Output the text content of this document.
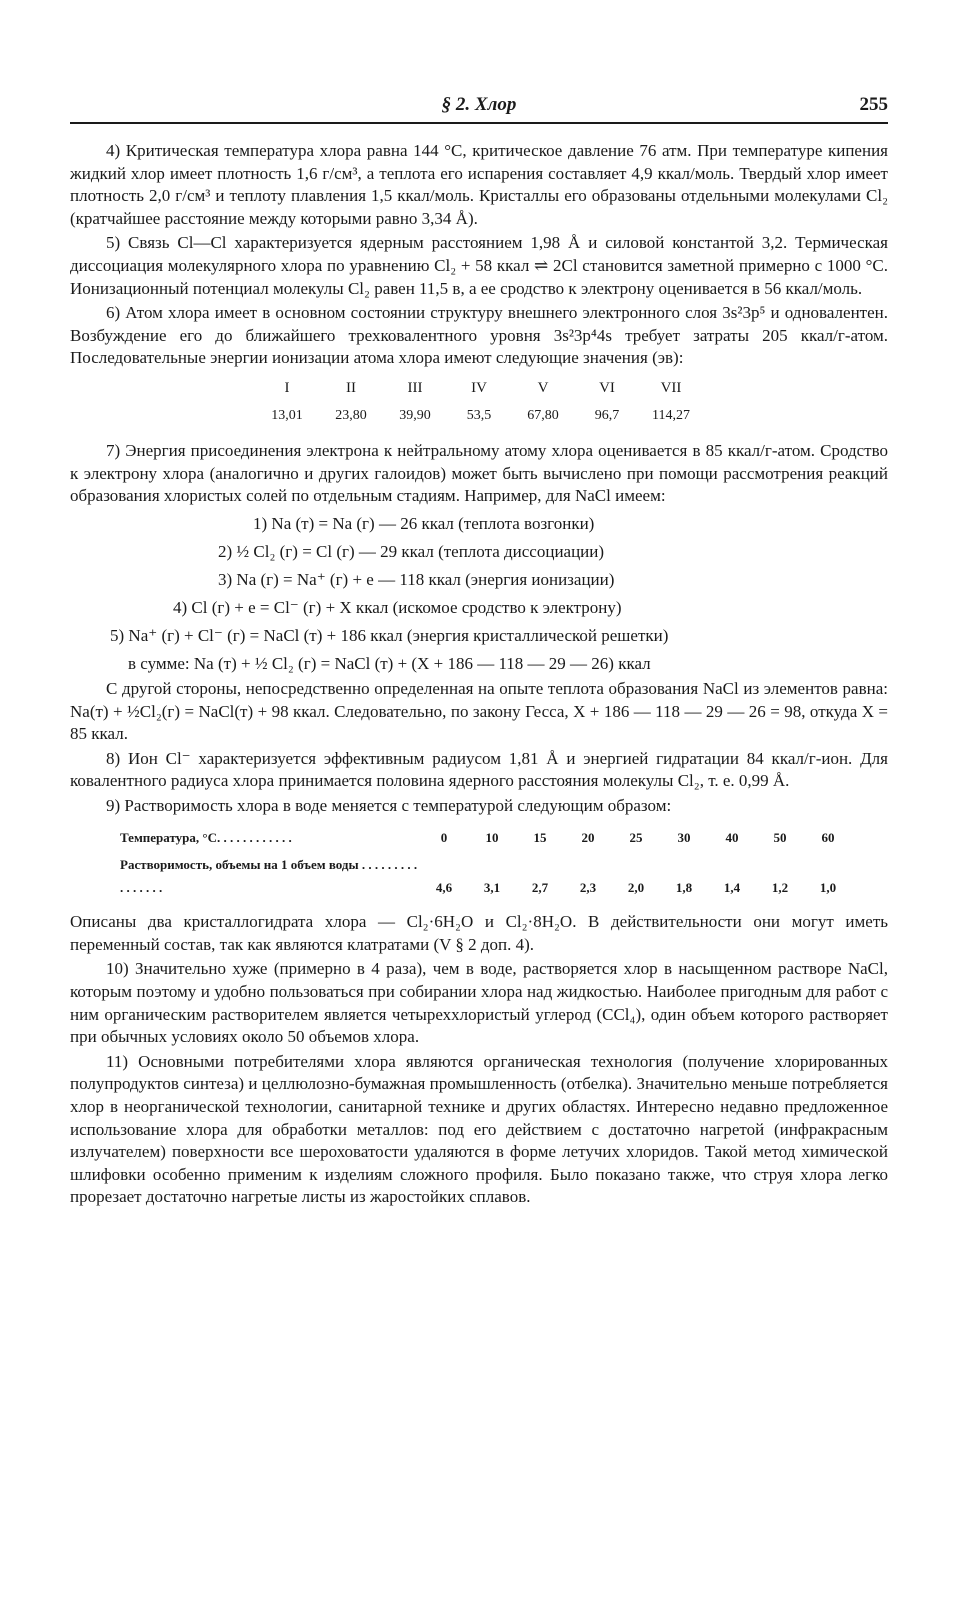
§ 2. Хлор	255

4) Критическая температура хлора равна 144 °С, критическое давление 76 атм. При температуре кипения жидкий хлор имеет плотность 1,6 г/см³, а теплота его испарения составляет 4,9 ккал/моль. Твердый хлор имеет плотность 2,0 г/см³ и теплоту плавления 1,5 ккал/моль. Кристаллы его образованы отдельными молекулами Cl₂ (кратчайшее расстояние между которыми равно 3,34 Å).

5) Связь Cl—Cl характеризуется ядерным расстоянием 1,98 Å и силовой константой 3,2. Термическая диссоциация молекулярного хлора по уравнению Cl₂ + 58 ккал ⇌ 2Cl становится заметной примерно с 1000 °С. Ионизационный потенциал молекулы Cl₂ равен 11,5 в, а ее сродство к электрону оценивается в 56 ккал/моль.

6) Атом хлора имеет в основном состоянии структуру внешнего электронного слоя 3s²3p⁵ и одновалентен. Возбуждение его до ближайшего трехковалентного уровня 3s²3p⁴4s требует затраты 205 ккал/г-атом. Последовательные энергии ионизации атома хлора имеют следующие значения (эв):

I	II	III	IV	V	VI	VII
13,01	23,80	39,90	53,5	67,80	96,7	114,27

7) Энергия присоединения электрона к нейтральному атому хлора оценивается в 85 ккал/г-атом. Сродство к электрону хлора (аналогично и других галоидов) может быть вычислено при помощи рассмотрения реакций образования хлористых солей по отдельным стадиям. Например, для NaCl имеем:

1) Na (т) = Na (г) — 26 ккал (теплота возгонки)
2) ½ Cl₂ (г) = Cl (г) — 29 ккал (теплота диссоциации)
3) Na (г) = Na⁺ (г) + e — 118 ккал (энергия ионизации)
4) Cl (г) + e = Cl⁻ (г) + X ккал (искомое сродство к электрону)
5) Na⁺ (г) + Cl⁻ (г) = NaCl (т) + 186 ккал (энергия кристаллической решетки)
в сумме: Na (т) + ½ Cl₂ (г) = NaCl (т) + (X + 186 — 118 — 29 — 26) ккал

С другой стороны, непосредственно определенная на опыте теплота образования NaCl из элементов равна: Na(т) + ½Cl₂(г) = NaCl(т) + 98 ккал. Следовательно, по закону Гесса, X + 186 — 118 — 29 — 26 = 98, откуда X = 85 ккал.

8) Ион Cl⁻ характеризуется эффективным радиусом 1,81 Å и энергией гидратации 84 ккал/г-ион. Для ковалентного радиуса хлора принимается половина ядерного расстояния молекулы Cl₂, т. е. 0,99 Å.

9) Растворимость хлора в воде меняется с температурой следующим образом:

Температура, °С. . . . . . . . . . . .	0	10	15	20	25	30	40	50	60
Растворимость, объемы на 1 объем воды . . . . . . . . . . . . . . . .	4,6	3,1	2,7	2,3	2,0	1,8	1,4	1,2	1,0

Описаны два кристаллогидрата хлора — Cl₂·6H₂O и Cl₂·8H₂O. В действительности они могут иметь переменный состав, так как являются клатратами (V § 2 доп. 4).

10) Значительно хуже (примерно в 4 раза), чем в воде, растворяется хлор в насыщенном растворе NaCl, которым поэтому и удобно пользоваться при собирании хлора над жидкостью. Наиболее пригодным для работ с ним органическим растворителем является четыреххлористый углерод (CCl₄), один объем которого растворяет при обычных условиях около 50 объемов хлора.

11) Основными потребителями хлора являются органическая технология (получение хлорированных полупродуктов синтеза) и целлюлозно-бумажная промышленность (отбелка). Значительно меньше потребляется хлор в неорганической технологии, санитарной технике и других областях. Интересно недавно предложенное использование хлора для обработки металлов: под его действием с достаточно нагретой (инфракрасным излучателем) поверхности все шероховатости удаляются в форме летучих хлоридов. Такой метод химической шлифовки особенно применим к изделиям сложного профиля. Было показано также, что струя хлора легко прорезает достаточно нагретые листы из жаростойких сплавов.
